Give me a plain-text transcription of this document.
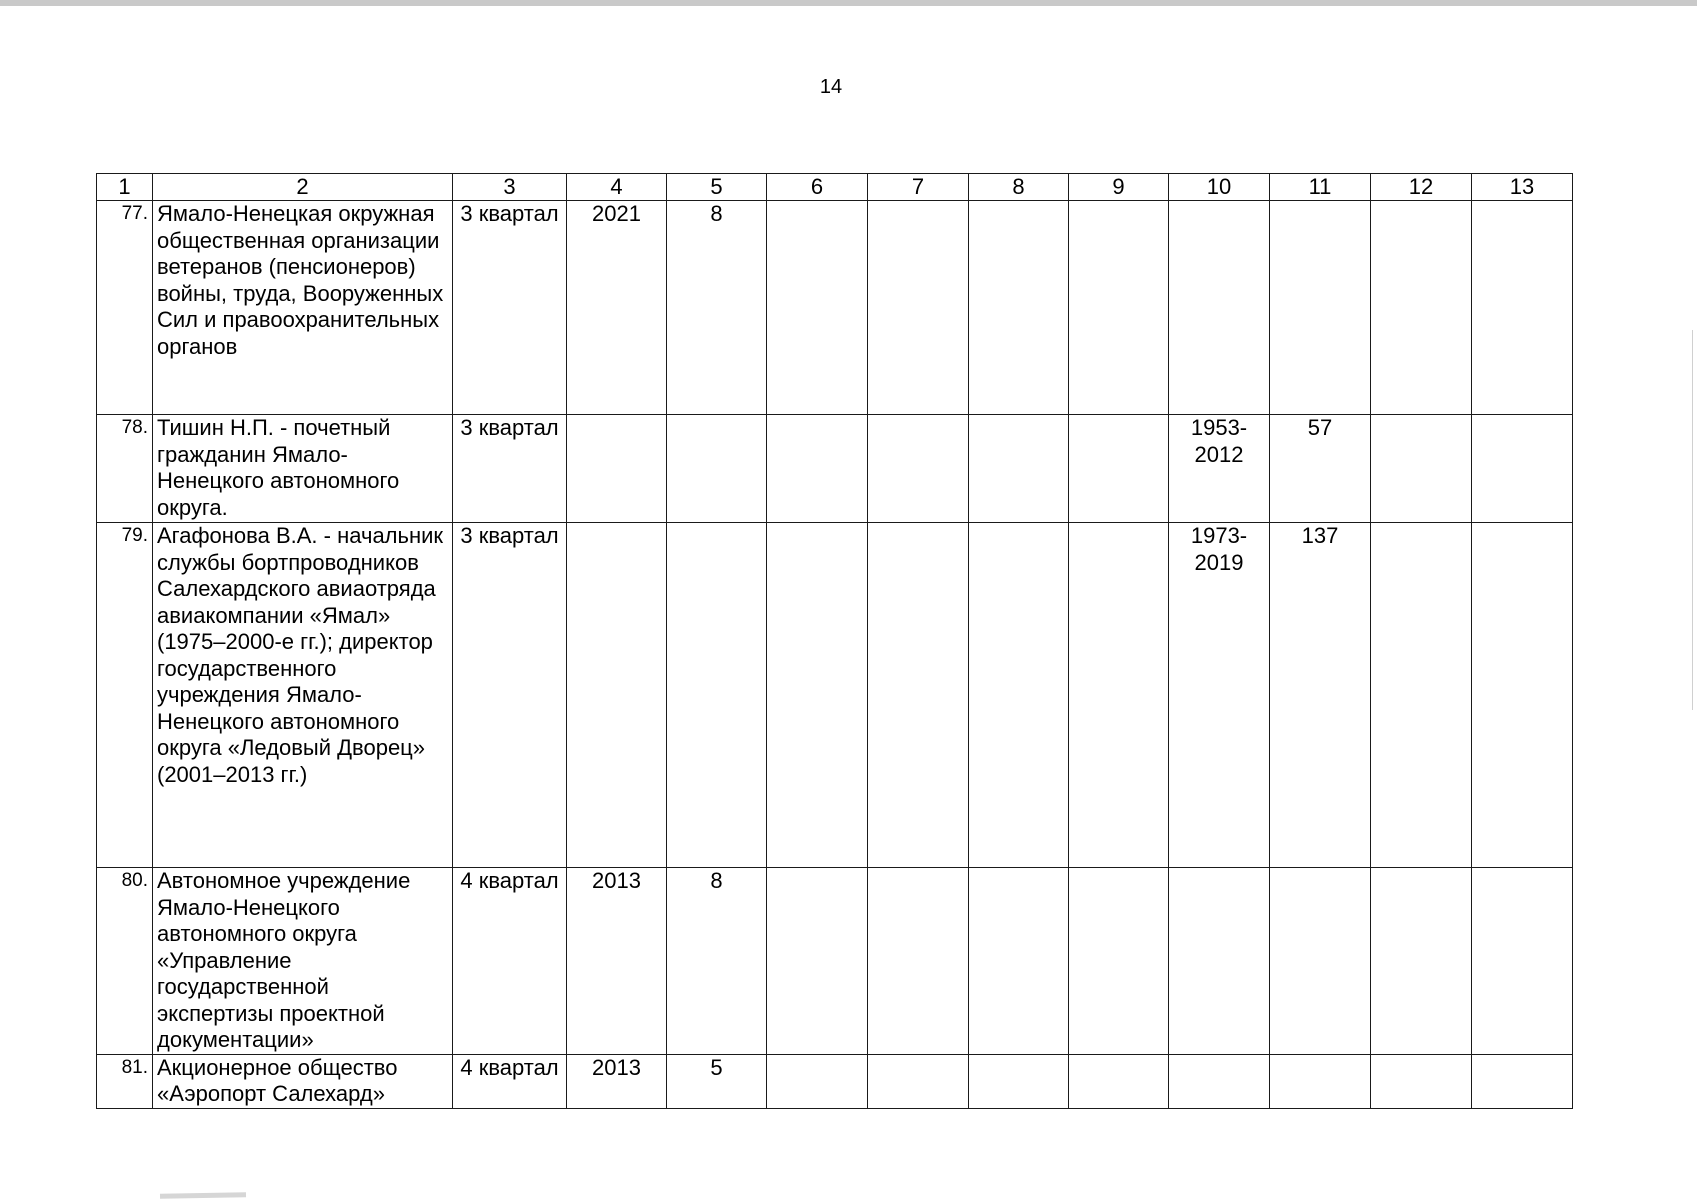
14
1	2	3	4	5	6	7	8	9	10	11	12	13
77.	Ямало-Ненецкая окружная общественная организации ветеранов (пенсионеров) войны, труда, Вооруженных Сил и правоохранительных органов	3 квартал	2021	8								
78.	Тишин Н.П. - почетный гражданин Ямало-Ненецкого автономного округа.	3 квартал							1953-2012	57		
79.	Агафонова В.А. - начальник службы бортпроводников Салехардского авиаотряда авиакомпании «Ямал» (1975–2000-е гг.); директор государственного учреждения Ямало-Ненецкого автономного округа «Ледовый Дворец» (2001–2013 гг.)	3 квартал							1973-2019	137		
80.	Автономное учреждение Ямало-Ненецкого автономного округа «Управление государственной экспертизы проектной документации»	4 квартал	2013	8								
81.	Акционерное общество «Аэропорт Салехард»	4 квартал	2013	5								
